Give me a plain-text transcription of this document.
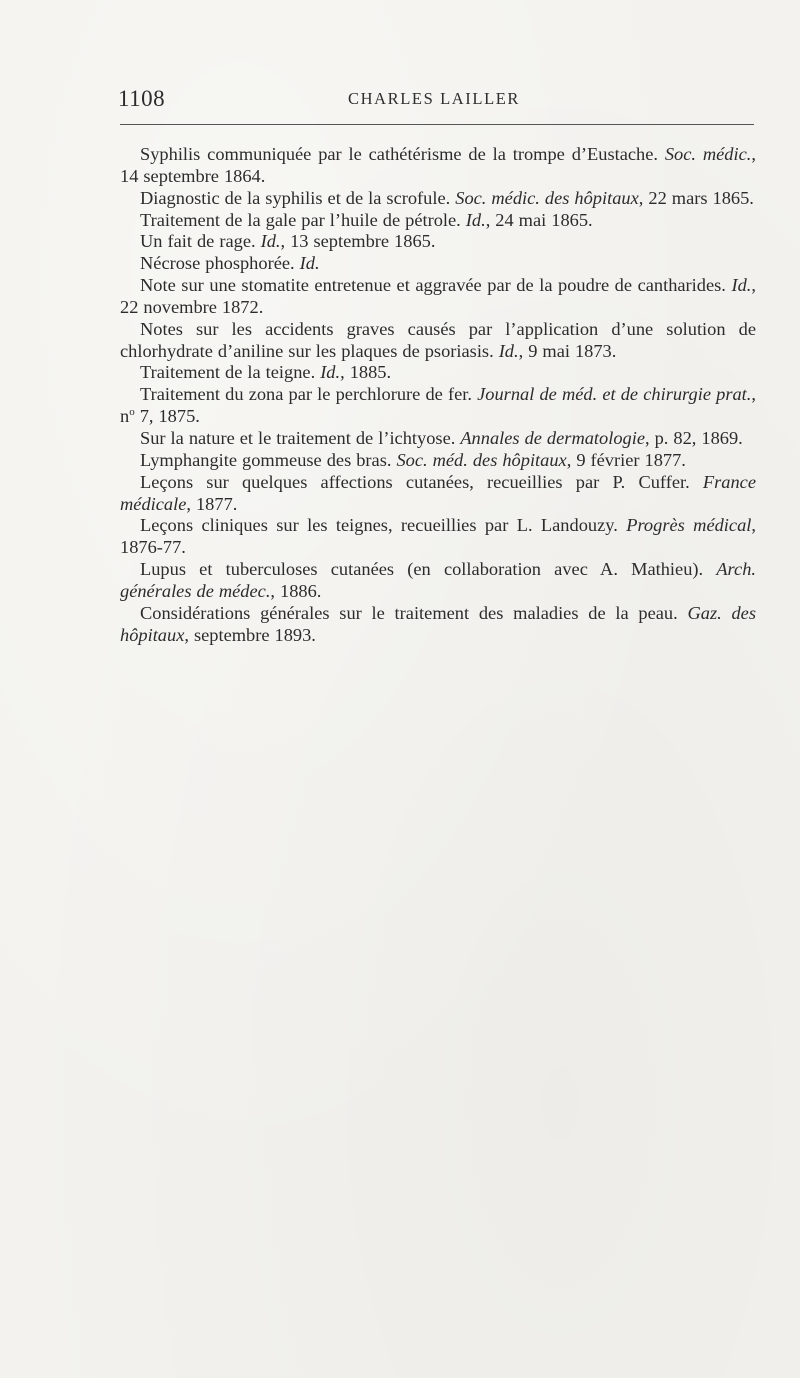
1108	CHARLES LAILLER

Syphilis communiquée par le cathétérisme de la trompe d’Eustache. Soc. médic., 14 septembre 1864.

Diagnostic de la syphilis et de la scrofule. Soc. médic. des hôpitaux, 22 mars 1865.

Traitement de la gale par l’huile de pétrole. Id., 24 mai 1865.

Un fait de rage. Id., 13 septembre 1865.

Nécrose phosphorée. Id.

Note sur une stomatite entretenue et aggravée par de la poudre de cantharides. Id., 22 novembre 1872.

Notes sur les accidents graves causés par l’application d’une solution de chlorhydrate d’aniline sur les plaques de psoriasis. Id., 9 mai 1873.

Traitement de la teigne. Id., 1885.

Traitement du zona par le perchlorure de fer. Journal de méd. et de chirurgie prat., $n^o$ 7, 1875.

Sur la nature et le traitement de l’ichtyose. Annales de dermatologie, p. 82, 1869.

Lymphangite gommeuse des bras. Soc. méd. des hôpitaux, 9 février 1877.

Leçons sur quelques affections cutanées, recueillies par P. Cuffer. France médicale, 1877.

Leçons cliniques sur les teignes, recueillies par L. Landouzy. Progrès médical, 1876-77.

Lupus et tuberculoses cutanées (en collaboration avec A. Mathieu). Arch. générales de médec., 1886.

Considérations générales sur le traitement des maladies de la peau. Gaz. des hôpitaux, septembre 1893.
